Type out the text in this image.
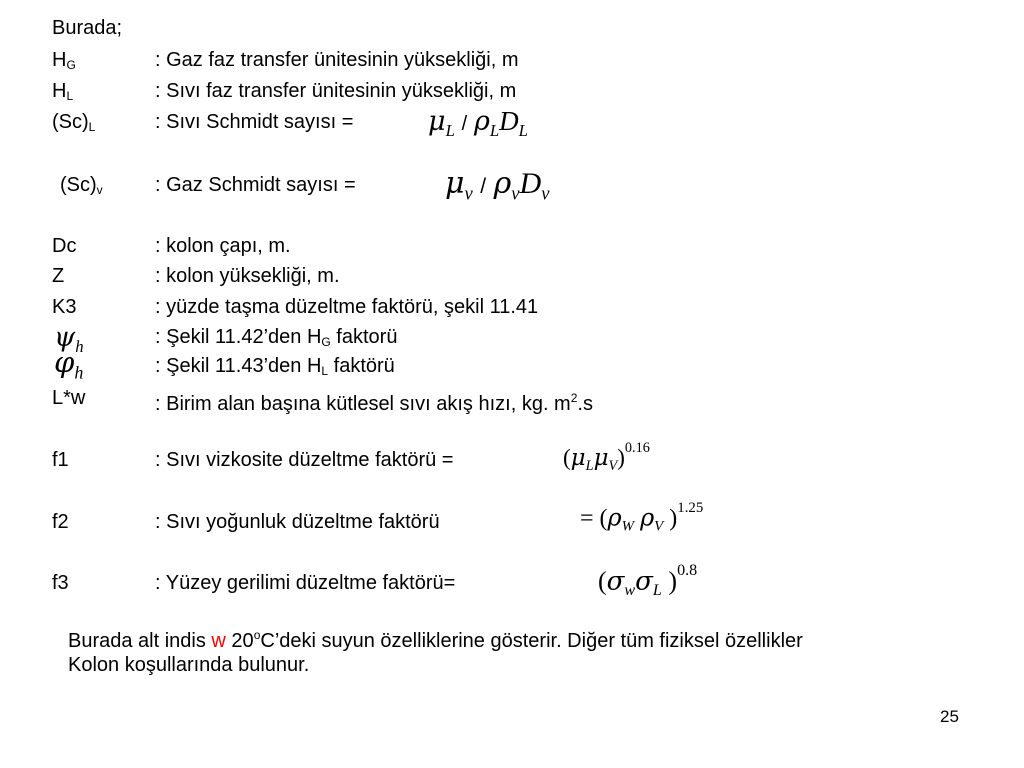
Burada;
$H_G$	: Gaz faz transfer ünitesinin yüksekliği, m
$H_L$	: Sıvı faz transfer ünitesinin yüksekliği, m
$(Sc)_L$	: Sıvı Schmidt sayısı =	$\mu_L / \rho_LD_L$
$(Sc)_v$	: Gaz Schmidt sayısı =	$\mu_v / \rho_vD_v$
Dc	: kolon çapı, m.
Z	: kolon yüksekliği, m.
K3	: yüzde taşma düzeltme faktörü, şekil 11.41
$\psi_h$	: Şekil 11.42’den $H_G$ faktorü
$\varphi_h$	: Şekil 11.43’den $H_L$ faktörü
L*w	: Birim alan başına kütlesel sıvı akış hızı, kg. $m^2.s$
f1	: Sıvı vizkosite düzeltme faktörü =	$(\mu_L\mu_V)^{0.16}$
f2	: Sıvı yoğunluk düzeltme faktörü	= ($\rho_W$ $\rho_V$ )$^{1.25}$
f3	: Yüzey gerilimi düzeltme faktörü=	($\sigma_w\sigma_L$ )$^{0.8}$
Burada alt indis w 20$^o$C’deki suyun özelliklerine gösterir. Diğer tüm fiziksel özellikler
Kolon koşullarında bulunur.
25
